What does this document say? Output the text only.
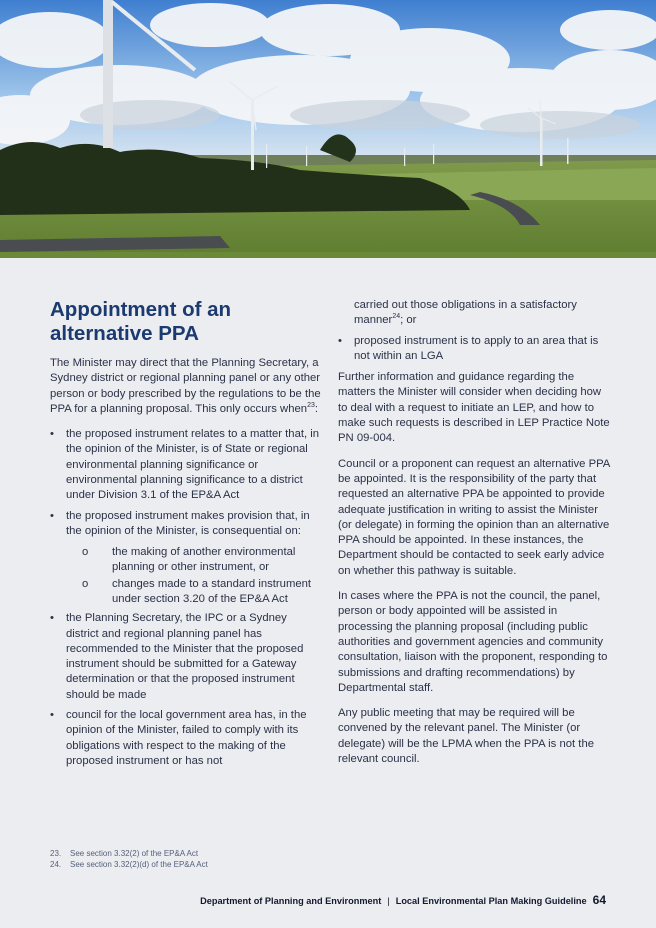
Appointment of an alternative PPA

The Minister may direct that the Planning Secretary, a Sydney district or regional planning panel or any other person or body prescribed by the regulations to be the PPA for a planning proposal. This only occurs when$^{23}$:

• the proposed instrument relates to a matter that, in the opinion of the Minister, is of State or regional environmental planning significance or environmental planning significance to a district under Division 3.1 of the EP&A Act
• the proposed instrument makes provision that, in the opinion of the Minister, is consequential on:
o the making of another environmental planning or other instrument, or
o changes made to a standard instrument under section 3.20 of the EP&A Act
• the Planning Secretary, the IPC or a Sydney district and regional planning panel has recommended to the Minister that the proposed instrument should be submitted for a Gateway determination or that the proposed instrument should be made
• council for the local government area has, in the opinion of the Minister, failed to comply with its obligations with respect to the making of the proposed instrument or has not
carried out those obligations in a satisfactory manner$^{24}$; or
• proposed instrument is to apply to an area that is not within an LGA

Further information and guidance regarding the matters the Minister will consider when deciding how to deal with a request to initiate an LEP, and how to make such requests is described in LEP Practice Note PN 09-004.

Council or a proponent can request an alternative PPA be appointed. It is the responsibility of the party that requested an alternative PPA be appointed to provide adequate justification in writing to assist the Minister (or delegate) in forming the opinion than an alternative PPA should be appointed. In these instances, the Department should be contacted to seek early advice on whether this pathway is suitable.

In cases where the PPA is not the council, the panel, person or body appointed will be assisted in processing the planning proposal (including public authorities and government agencies and community consultation, liaison with the proponent, responding to submissions and drafting recommendations) by Departmental staff.

Any public meeting that may be required will be convened by the relevant panel. The Minister (or delegate) will be the LPMA when the PPA is not the relevant council.

23. See section 3.32(2) of the EP&A Act
24. See section 3.32(2)(d) of the EP&A Act
Department of Planning and Environment | Local Environmental Plan Making Guideline 64
